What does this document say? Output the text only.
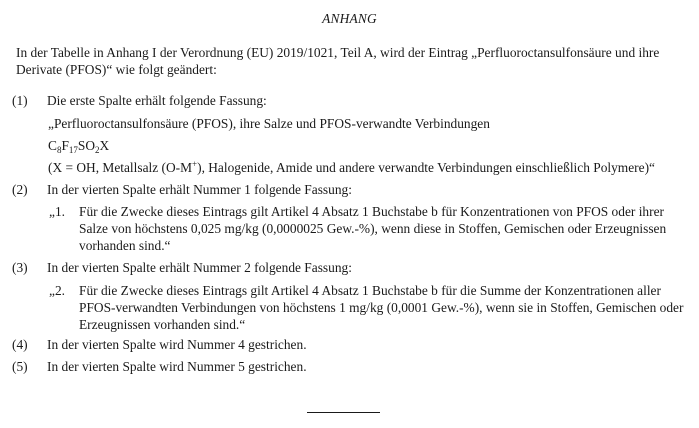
ANHANG
In der Tabelle in Anhang I der Verordnung (EU) 2019/1021, Teil A, wird der Eintrag „Perfluoroctansulfonsäure und ihre Derivate (PFOS)“ wie folgt geändert:
(1) Die erste Spalte erhält folgende Fassung:
„Perfluoroctansulfonsäure (PFOS), ihre Salze und PFOS-verwandte Verbindungen
$C_8F_{17}SO_2X$
(X = OH, Metallsalz (O-M+), Halogenide, Amide und andere verwandte Verbindungen einschließlich Polymere)“
(2) In der vierten Spalte erhält Nummer 1 folgende Fassung:
„1. Für die Zwecke dieses Eintrags gilt Artikel 4 Absatz 1 Buchstabe b für Konzentrationen von PFOS oder ihrer Salze von höchstens 0,025 mg/kg (0,0000025 Gew.-%), wenn diese in Stoffen, Gemischen oder Erzeugnissen vorhanden sind.“
(3) In der vierten Spalte erhält Nummer 2 folgende Fassung:
„2. Für die Zwecke dieses Eintrags gilt Artikel 4 Absatz 1 Buchstabe b für die Summe der Konzentrationen aller PFOS-verwandten Verbindungen von höchstens 1 mg/kg (0,0001 Gew.-%), wenn sie in Stoffen, Gemischen oder Erzeugnissen vorhanden sind.“
(4) In der vierten Spalte wird Nummer 4 gestrichen.
(5) In der vierten Spalte wird Nummer 5 gestrichen.
